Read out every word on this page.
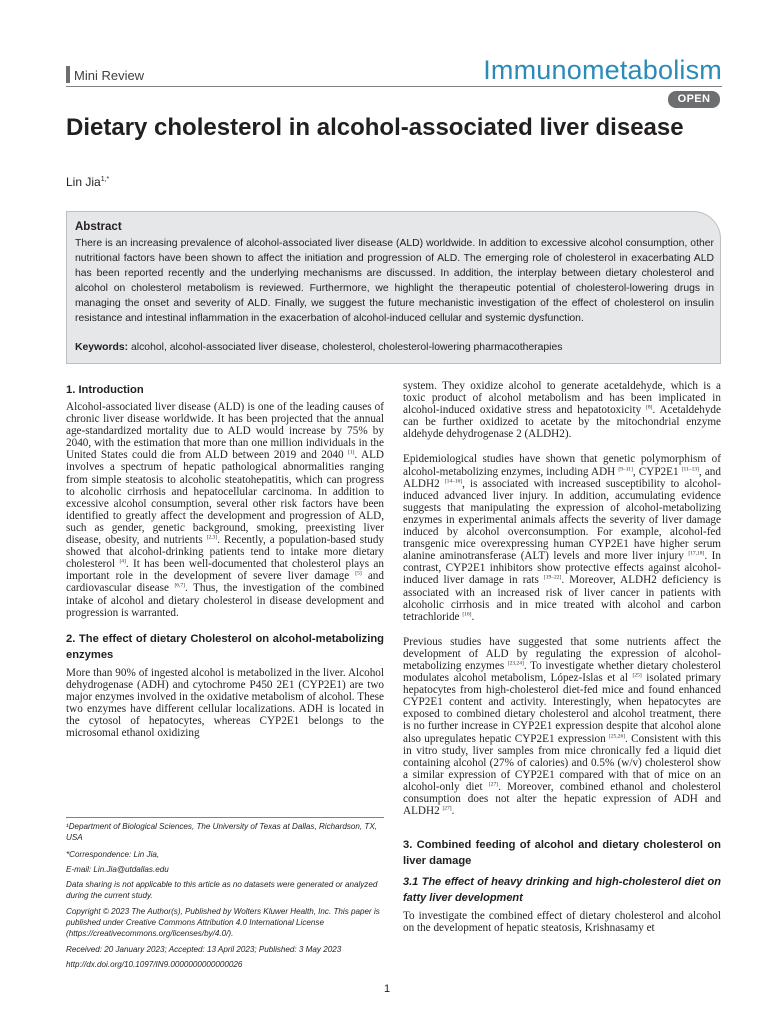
Mini Review	Immunometabolism
OPEN
Dietary cholesterol in alcohol-associated liver disease
Lin Jia$^{1,*}$
Abstract
There is an increasing prevalence of alcohol-associated liver disease (ALD) worldwide. In addition to excessive alcohol consumption, other nutritional factors have been shown to affect the initiation and progression of ALD. The emerging role of cholesterol in exacerbating ALD has been reported recently and the underlying mechanisms are discussed. In addition, the interplay between dietary cholesterol and alcohol on cholesterol metabolism is reviewed. Furthermore, we highlight the therapeutic potential of cholesterol-lowering drugs in managing the onset and severity of ALD. Finally, we suggest the future mechanistic investigation of the effect of cholesterol on insulin resistance and intestinal inflammation in the exacerbation of alcohol-induced cellular and systemic dysfunction.
Keywords: alcohol, alcohol-associated liver disease, cholesterol, cholesterol-lowering pharmacotherapies
1. Introduction

Alcohol-associated liver disease (ALD) is one of the leading causes of chronic liver disease worldwide. It has been projected that the annual age-standardized mortality due to ALD would increase by 75% by 2040, with the estimation that more than one million individuals in the United States could die from ALD between 2019 and 2040 [1]. ALD involves a spectrum of hepatic pathological abnormalities ranging from simple steatosis to alcoholic steatohepatitis, which can progress to alcoholic cirrhosis and hepatocellular carcinoma. In addition to excessive alcohol consumption, several other risk factors have been identified to greatly affect the development and progression of ALD, such as gender, genetic background, smoking, preexisting liver disease, obesity, and nutrients [2,3]. Recently, a population-based study showed that alcohol-drinking patients tend to intake more dietary cholesterol [4]. It has been well-documented that cholesterol plays an important role in the development of severe liver damage [5] and cardiovascular disease [6,7]. Thus, the investigation of the combined intake of alcohol and dietary cholesterol in disease development and progression is warranted.

2. The effect of dietary Cholesterol on alcohol-metabolizing enzymes

More than 90% of ingested alcohol is metabolized in the liver. Alcohol dehydrogenase (ADH) and cytochrome P450 2E1 (CYP2E1) are two major enzymes involved in the oxidative metabolism of alcohol. These two enzymes have different cellular localizations. ADH is located in the cytosol of hepatocytes, whereas CYP2E1 belongs to the microsomal ethanol oxidizing

¹Department of Biological Sciences, The University of Texas at Dallas, Richardson, TX, USA
*Correspondence: Lin Jia,
E-mail: Lin.Jia@utdallas.edu
Data sharing is not applicable to this article as no datasets were generated or analyzed during the current study.
Copyright © 2023 The Author(s), Published by Wolters Kluwer Health, Inc. This paper is published under Creative Commons Attribution 4.0 International License (https://creativecommons.org/licenses/by/4.0/).
Received: 20 January 2023; Accepted: 13 April 2023; Published: 3 May 2023
http://dx.doi.org/10.1097/IN9.0000000000000026

system. They oxidize alcohol to generate acetaldehyde, which is a toxic product of alcohol metabolism and has been implicated in alcohol-induced oxidative stress and hepatotoxicity [8]. Acetaldehyde can be further oxidized to acetate by the mitochondrial enzyme aldehyde dehydrogenase 2 (ALDH2).

Epidemiological studies have shown that genetic polymorphism of alcohol-metabolizing enzymes, including ADH [9–11], CYP2E1 [11–13], and ALDH2 [14–16], is associated with increased susceptibility to alcohol-induced advanced liver injury. In addition, accumulating evidence suggests that manipulating the expression of alcohol-metabolizing enzymes in experimental animals affects the severity of liver damage induced by alcohol overconsumption. For example, alcohol-fed transgenic mice overexpressing human CYP2E1 have higher serum alanine aminotransferase (ALT) levels and more liver injury [17,18]. In contrast, CYP2E1 inhibitors show protective effects against alcohol-induced liver damage in rats [19–22]. Moreover, ALDH2 deficiency is associated with an increased risk of liver cancer in patients with alcoholic cirrhosis and in mice treated with alcohol and carbon tetrachloride [16].

Previous studies have suggested that some nutrients affect the development of ALD by regulating the expression of alcohol-metabolizing enzymes [23,24]. To investigate whether dietary cholesterol modulates alcohol metabolism, López-Islas et al [25] isolated primary hepatocytes from high-cholesterol diet-fed mice and found enhanced CYP2E1 content and activity. Interestingly, when hepatocytes are exposed to combined dietary cholesterol and alcohol treatment, there is no further increase in CYP2E1 expression despite that alcohol alone also upregulates hepatic CYP2E1 expression [25,26]. Consistent with this in vitro study, liver samples from mice chronically fed a liquid diet containing alcohol (27% of calories) and 0.5% (w/v) cholesterol show a similar expression of CYP2E1 compared with that of mice on an alcohol-only diet [27]. Moreover, combined ethanol and cholesterol consumption does not alter the hepatic expression of ADH and ALDH2 [27].

3. Combined feeding of alcohol and dietary cholesterol on liver damage
3.1 The effect of heavy drinking and high-cholesterol diet on fatty liver development

To investigate the combined effect of dietary cholesterol and alcohol on the development of hepatic steatosis, Krishnasamy et

1
